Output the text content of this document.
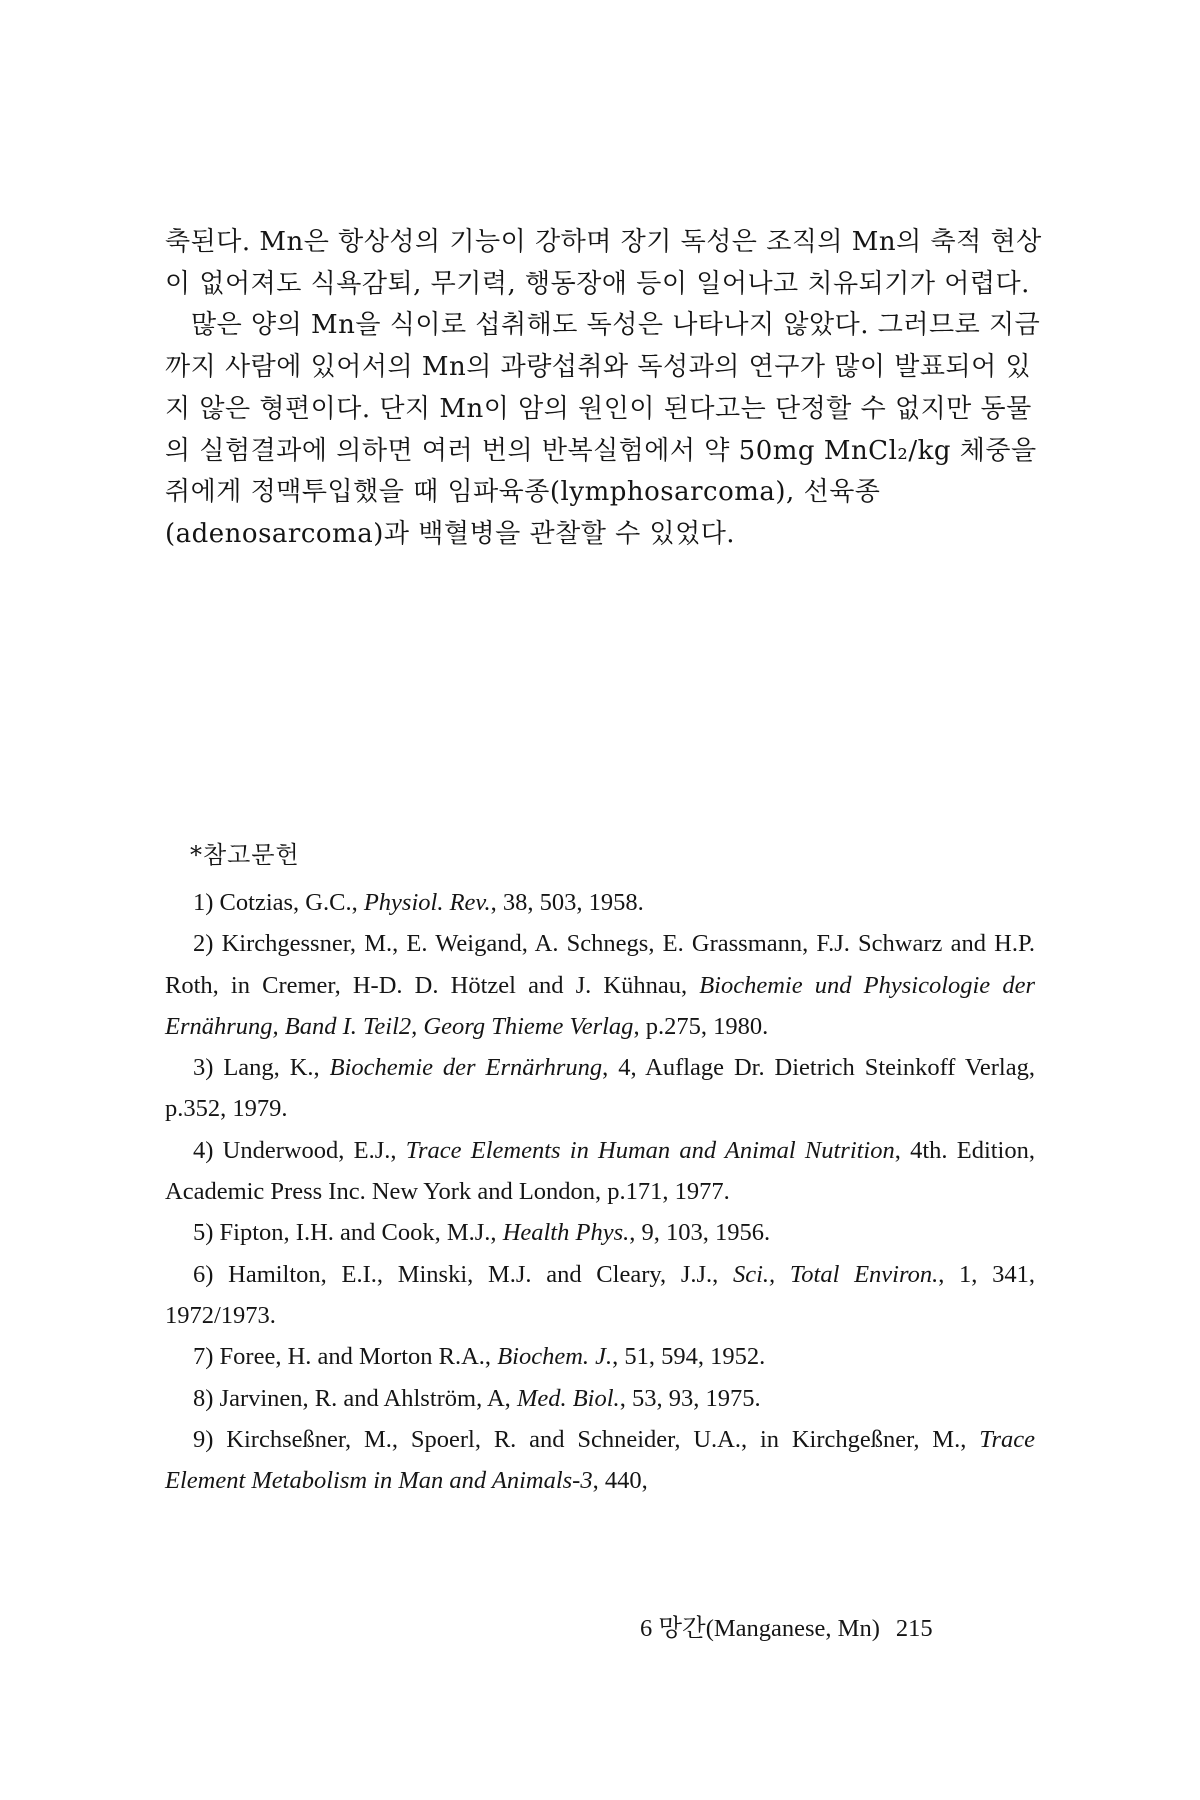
축된다. Mn은 항상성의 기능이 강하며 장기 독성은 조직의 Mn의 축적 현상이 없어져도 식욕감퇴, 무기력, 행동장애 등이 일어나고 치유되기가 어렵다.

많은 양의 Mn을 식이로 섭취해도 독성은 나타나지 않았다. 그러므로 지금까지 사람에 있어서의 Mn의 과량섭취와 독성과의 연구가 많이 발표되어 있지 않은 형편이다. 단지 Mn이 암의 원인이 된다고는 단정할 수 없지만 동물의 실험결과에 의하면 여러 번의 반복실험에서 약 50mg MnCl₂/kg 체중을 쥐에게 정맥투입했을 때 임파육종(lymphosarcoma), 선육종(adenosarcoma)과 백혈병을 관찰할 수 있었다.

*참고문헌

1) Cotzias, G.C., Physiol. Rev., 38, 503, 1958.

2) Kirchgessner, M., E. Weigand, A. Schnegs, E. Grassmann, F.J. Schwarz and H.P. Roth, in Cremer, H-D. D. Hötzel and J. Kühnau, Biochemie und Physicologie der Ernährung, Band I. Teil2, Georg Thieme Verlag, p.275, 1980.

3) Lang, K., Biochemie der Ernärhrung, 4, Auflage Dr. Dietrich Steinkoff Verlag, p.352, 1979.

4) Underwood, E.J., Trace Elements in Human and Animal Nutrition, 4th. Edition, Academic Press Inc. New York and London, p.171, 1977.

5) Fipton, I.H. and Cook, M.J., Health Phys., 9, 103, 1956.

6) Hamilton, E.I., Minski, M.J. and Cleary, J.J., Sci., Total Environ., 1, 341, 1972/1973.

7) Foree, H. and Morton R.A., Biochem. J., 51, 594, 1952.

8) Jarvinen, R. and Ahlström, A, Med. Biol., 53, 93, 1975.

9) Kirchseßner, M., Spoerl, R. and Schneider, U.A., in Kirchgeßner, M., Trace Element Metabolism in Man and Animals-3, 440,

6 망간(Manganese, Mn) 215
